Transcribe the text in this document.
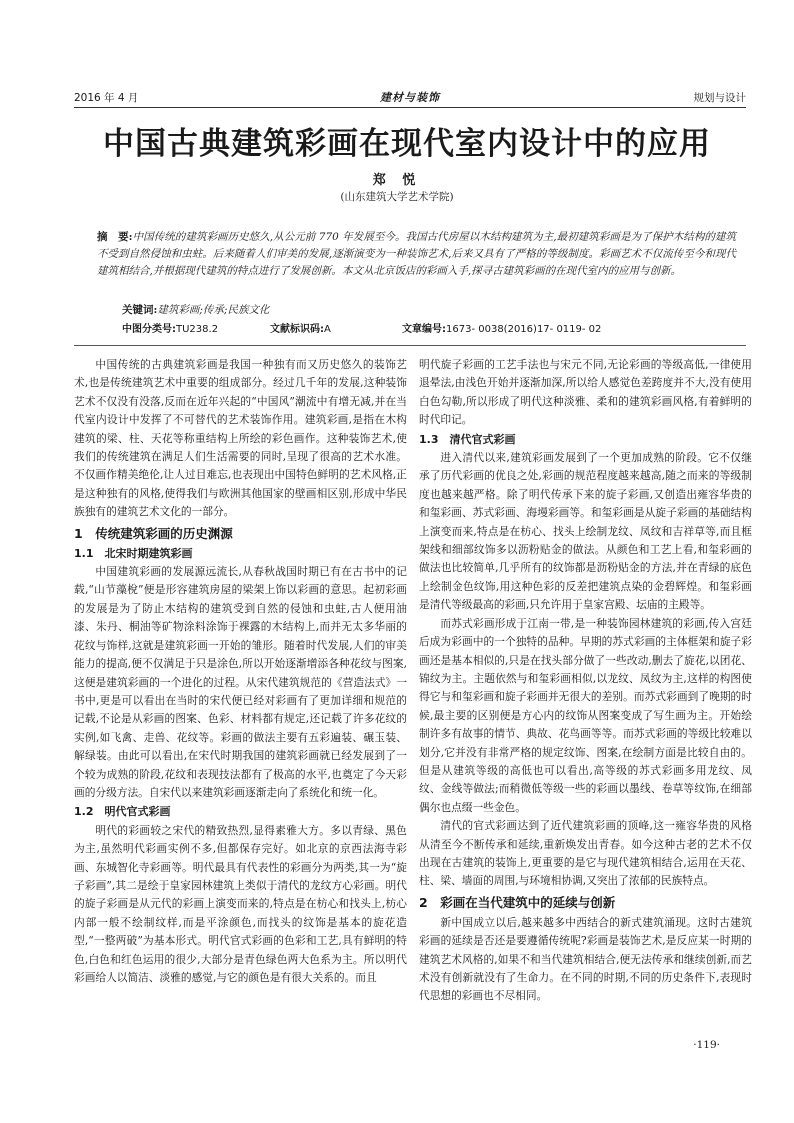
2016 年 4 月	建材与装饰	规划与设计
中国古典建筑彩画在现代室内设计中的应用
郑 悦
(山东建筑大学艺术学院)
摘　要:中国传统的建筑彩画历史悠久,从公元前 770 年发展至今。我国古代房屋以木结构建筑为主,最初建筑彩画是为了保护木结构的建筑不受到自然侵蚀和虫蛀。后来随着人们审美的发展,逐渐演变为一种装饰艺术,后来又具有了严格的等级制度。彩画艺术不仅流传至今和现代建筑相结合,并根据现代建筑的特点进行了发展创新。本文从北京饭店的彩画入手,探寻古建筑彩画的在现代室内的应用与创新。
关键词:建筑彩画;传承;民族文化
中图分类号:TU238.2	文献标识码:A	文章编号:1673- 0038(2016)17- 0119- 02

中国传统的古典建筑彩画是我国一种独有而又历史悠久的装饰艺术,也是传统建筑艺术中重要的组成部分。经过几千年的发展,这种装饰艺术不仅没有没落,反而在近年兴起的“中国风”潮流中有增无减,并在当代室内设计中发挥了不可替代的艺术装饰作用。建筑彩画,是指在木构建筑的梁、柱、天花等称重结构上所绘的彩色画作。这种装饰艺术,使我们的传统建筑在满足人们生活需要的同时,呈现了很高的艺术水准。不仅画作精美绝伦,让人过目难忘,也表现出中国特色鲜明的艺术风格,正是这种独有的风格,使得我们与欧洲其他国家的壁画相区别,形成中华民族独有的建筑艺术文化的一部分。

1　传统建筑彩画的历史渊源
1.1　北宋时期建筑彩画

中国建筑彩画的发展源远流长,从春秋战国时期已有在古书中的记载,“山节藻梲”便是形容建筑房屋的梁架上饰以彩画的意思。起初彩画的发展是为了防止木结构的建筑受到自然的侵蚀和虫蛀,古人便用油漆、朱丹、桐油等矿物涂料涂饰于裸露的木结构上,而并无太多华丽的花纹与饰样,这就是建筑彩画一开始的雏形。随着时代发展,人们的审美能力的提高,便不仅满足于只是涂色,所以开始逐渐增添各种花纹与图案,这便是建筑彩画的一个进化的过程。从宋代建筑规范的《营造法式》一书中,更是可以看出在当时的宋代便已经对彩画有了更加详细和规范的记载,不论是从彩画的图案、色彩、材料都有规定,还记载了许多花纹的实例,如飞禽、走兽、花纹等。彩画的做法主要有五彩遍装、碾玉装、解绿装。由此可以看出,在宋代时期我国的建筑彩画就已经发展到了一个较为成熟的阶段,花纹和表现技法都有了极高的水平,也奠定了今天彩画的分级方法。自宋代以来建筑彩画逐渐走向了系统化和统一化。

1.2　明代官式彩画

明代的彩画较之宋代的精致热烈,显得素雅大方。多以青绿、黑色为主,虽然明代彩画实例不多,但都保存完好。如北京的京西法海寺彩画、东城智化寺彩画等。明代最具有代表性的彩画分为两类,其一为“旋子彩画”,其二是绘于皇家园林建筑上类似于清代的龙纹方心彩画。明代的旋子彩画是从元代的彩画上演变而来的,特点是在枋心和找头上,枋心内部一般不绘制纹样,而是平涂颜色,而找头的纹饰是基本的旋花造型,“一整两破”为基本形式。明代官式彩画的色彩和工艺,具有鲜明的特色,白色和红色运用的很少,大部分是青色绿色两大色系为主。所以明代彩画给人以简洁、淡雅的感觉,与它的颜色是有很大关系的。而且

明代旋子彩画的工艺手法也与宋元不同,无论彩画的等级高低,一律使用退晕法,由浅色开始并逐渐加深,所以给人感觉色差跨度并不大,没有使用白色勾勒,所以形成了明代这种淡雅、柔和的建筑彩画风格,有着鲜明的时代印记。

1.3　清代官式彩画

进入清代以来,建筑彩画发展到了一个更加成熟的阶段。它不仅继承了历代彩画的优良之处,彩画的规范程度越来越高,随之而来的等级制度也越来越严格。除了明代传承下来的旋子彩画,又创造出雍容华贵的和玺彩画、苏式彩画、海墁彩画等。和玺彩画是从旋子彩画的基础结构上演变而来,特点是在枋心、找头上绘制龙纹、凤纹和吉祥草等,而且框架线和细部纹饰多以沥粉贴金的做法。从颜色和工艺上看,和玺彩画的做法也比较简单,几乎所有的纹饰都是沥粉贴金的方法,并在青绿的底色上绘制金色纹饰,用这种色彩的反差把建筑点染的金碧辉煌。和玺彩画是清代等级最高的彩画,只允许用于皇家宫殿、坛庙的主殿等。

而苏式彩画形成于江南一带,是一种装饰园林建筑的彩画,传入宫廷后成为彩画中的一个独特的品种。早期的苏式彩画的主体框架和旋子彩画还是基本相似的,只是在找头部分做了一些改动,删去了旋花,以团花、锦纹为主。主题依然与和玺彩画相似,以龙纹、凤纹为主,这样的构图使得它与和玺彩画和旋子彩画并无很大的差别。而苏式彩画到了晚期的时候,最主要的区别便是方心内的纹饰从图案变成了写生画为主。开始绘制许多有故事的情节、典故、花鸟画等等。而苏式彩画的等级比较难以划分,它并没有非常严格的规定纹饰、图案,在绘制方面是比较自由的。但是从建筑等级的高低也可以看出,高等级的苏式彩画多用龙纹、凤纹、金线等做法;而稍微低等级一些的彩画以墨线、卷草等纹饰,在细部偶尔也点缀一些金色。

清代的官式彩画达到了近代建筑彩画的顶峰,这一雍容华贵的风格从清至今不断传承和延续,重新焕发出青春。如今这种古老的艺术不仅出现在古建筑的装饰上,更重要的是它与现代建筑相结合,运用在天花、柱、梁、墙面的周围,与环境相协调,又突出了浓郁的民族特点。

2　彩画在当代建筑中的延续与创新

新中国成立以后,越来越多中西结合的新式建筑涌现。这时古建筑彩画的延续是否还是要遵循传统呢?彩画是装饰艺术,是反应某一时期的建筑艺术风格的,如果不和当代建筑相结合,便无法传承和继续创新,而艺术没有创新就没有了生命力。在不同的时期,不同的历史条件下,表现时代思想的彩画也不尽相同。

·119·
